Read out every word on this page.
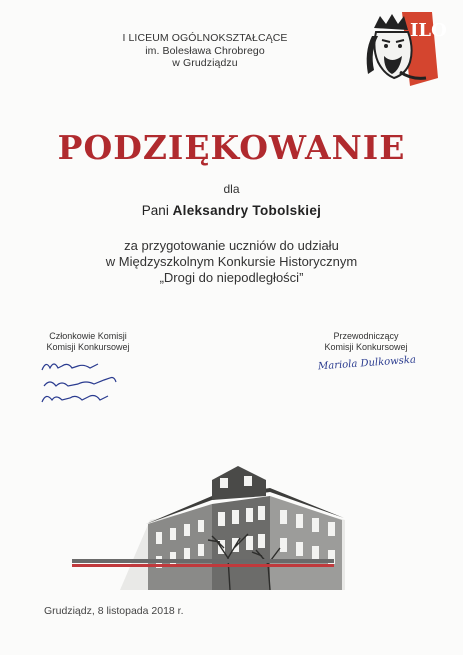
I LICEUM OGÓLNOKSZTAŁCĄCE
im. Bolesława Chrobrego
w Grudziądzu
ILO
PODZIĘKOWANIE
dla
Pani Aleksandry Tobolskiej
za przygotowanie uczniów do udziału
w Międzyszkolnym Konkursie Historycznym
„Drogi do niepodległości”
Członkowie Komisji
Komisji Konkursowej
Przewodniczący
Komisji Konkursowej
Mariola Dulkowska
Grudziądz, 8 listopada 2018 r.
